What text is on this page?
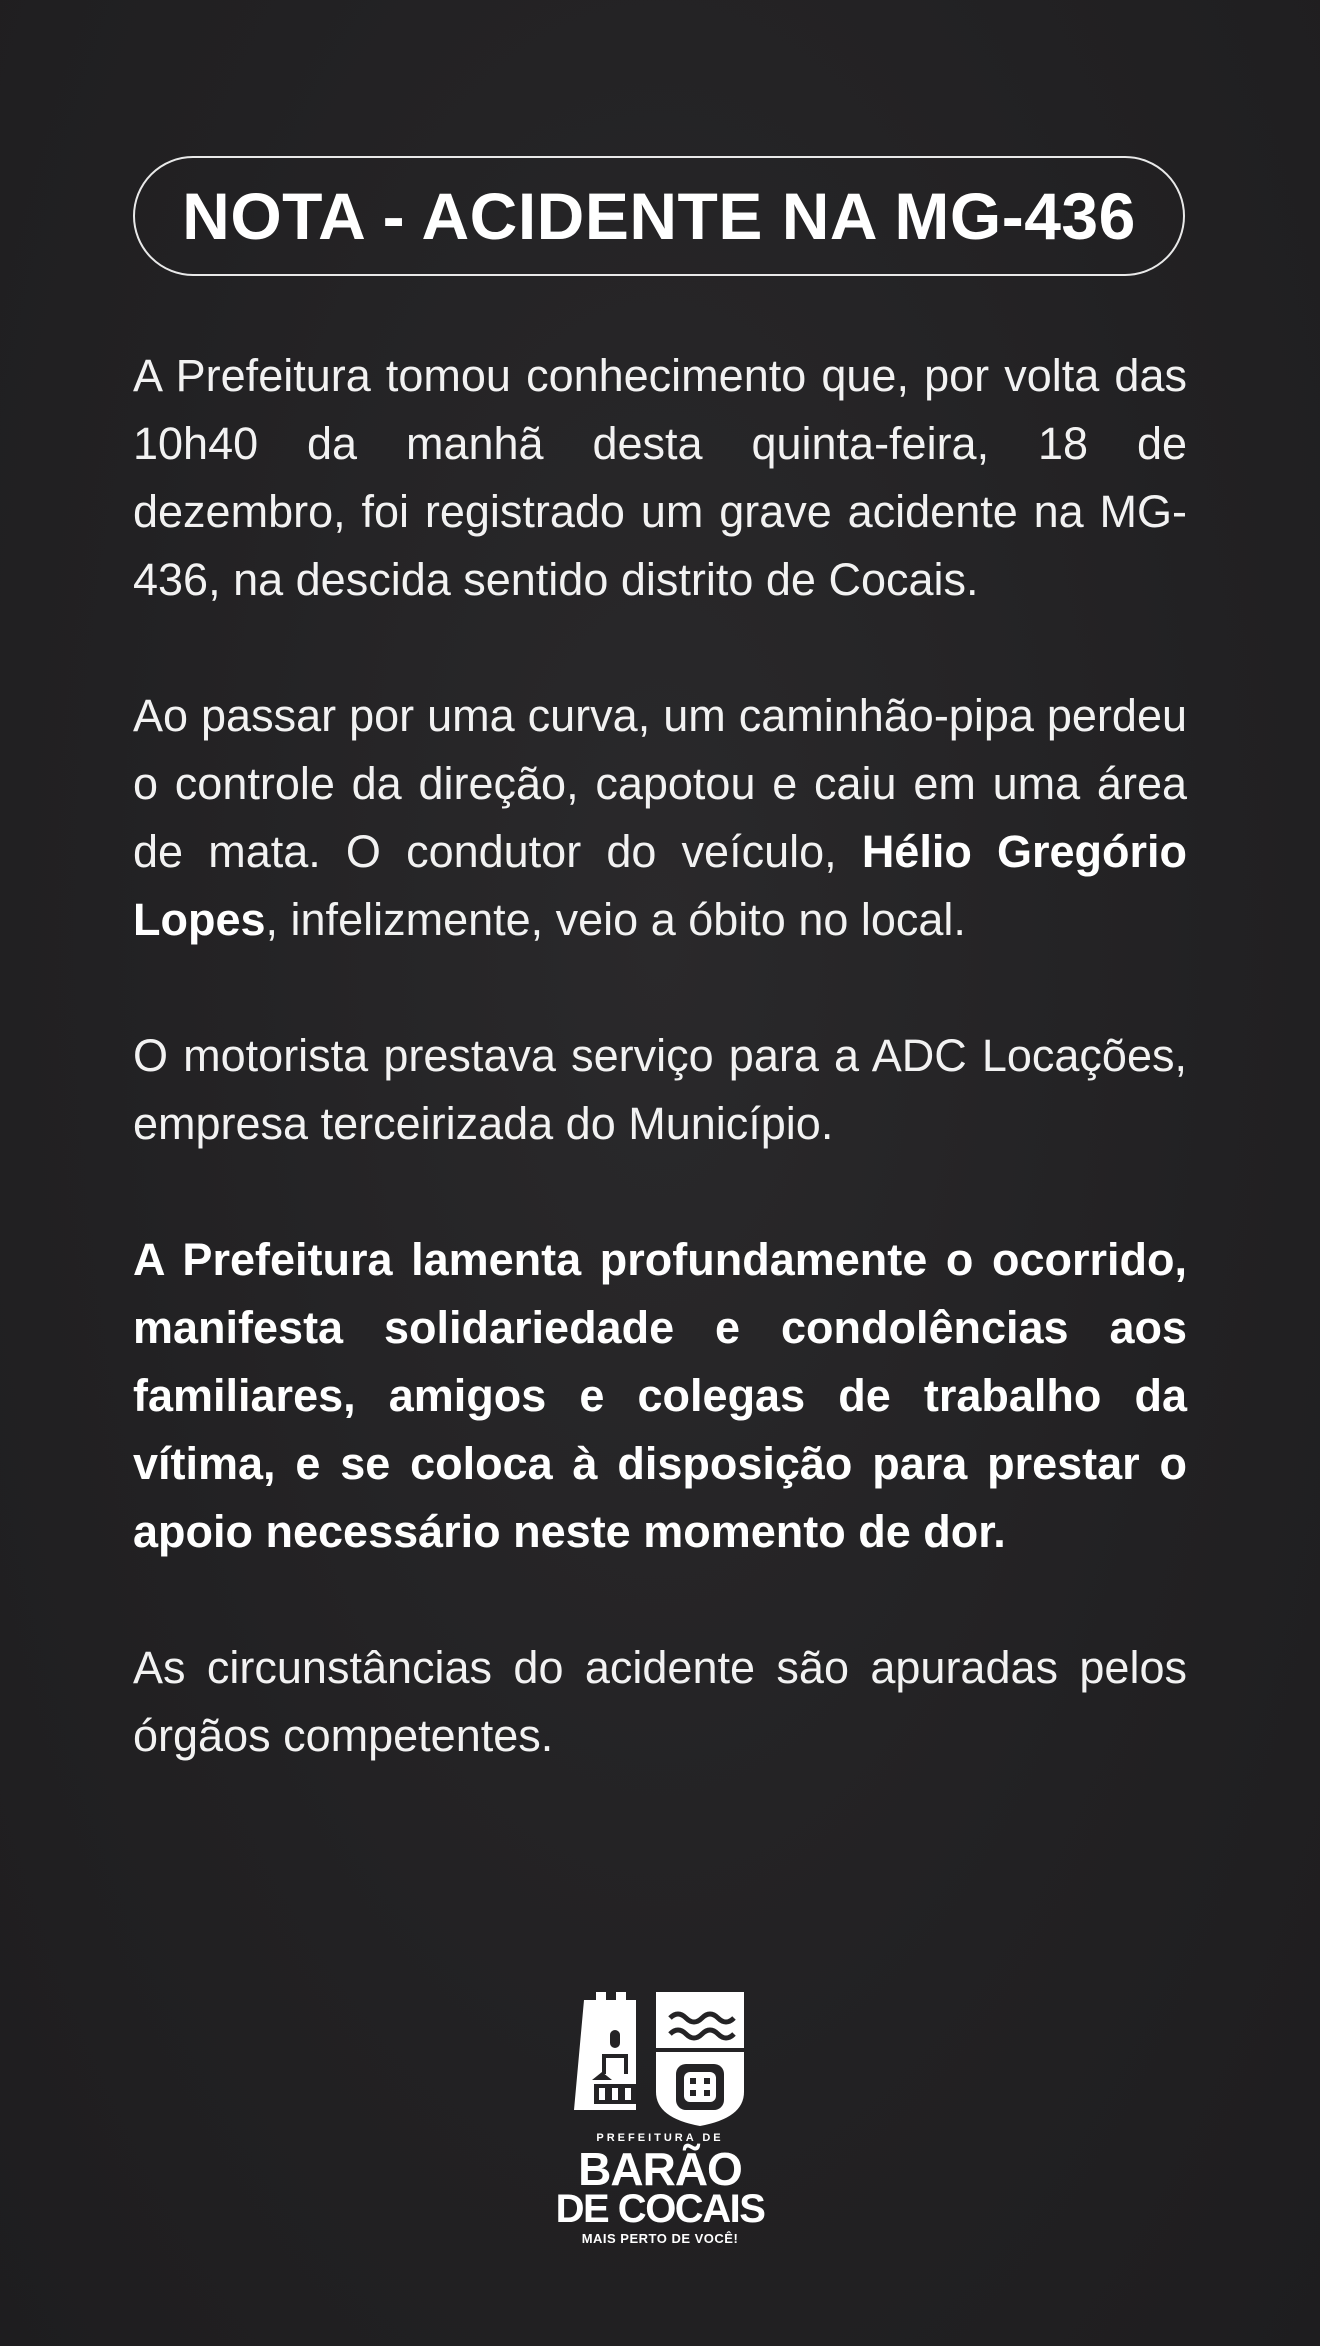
NOTA - ACIDENTE NA MG-436

A Prefeitura tomou conhecimento que, por volta das 10h40 da manhã desta quinta-feira, 18 de dezembro, foi registrado um grave acidente na MG-436, na descida sentido distrito de Cocais.

Ao passar por uma curva, um caminhão-pipa perdeu o controle da direção, capotou e caiu em uma área de mata. O condutor do veículo, Hélio Gregório Lopes, infelizmente, veio a óbito no local.

O motorista prestava serviço para a ADC Locações, empresa terceirizada do Município.

A Prefeitura lamenta profundamente o ocorrido, manifesta solidariedade e condolências aos familiares, amigos e colegas de trabalho da vítima, e se coloca à disposição para prestar o apoio necessário neste momento de dor.

As circunstâncias do acidente são apuradas pelos órgãos competentes.

PREFEITURA DE
BARÃO
DE COCAIS
MAIS PERTO DE VOCÊ!
